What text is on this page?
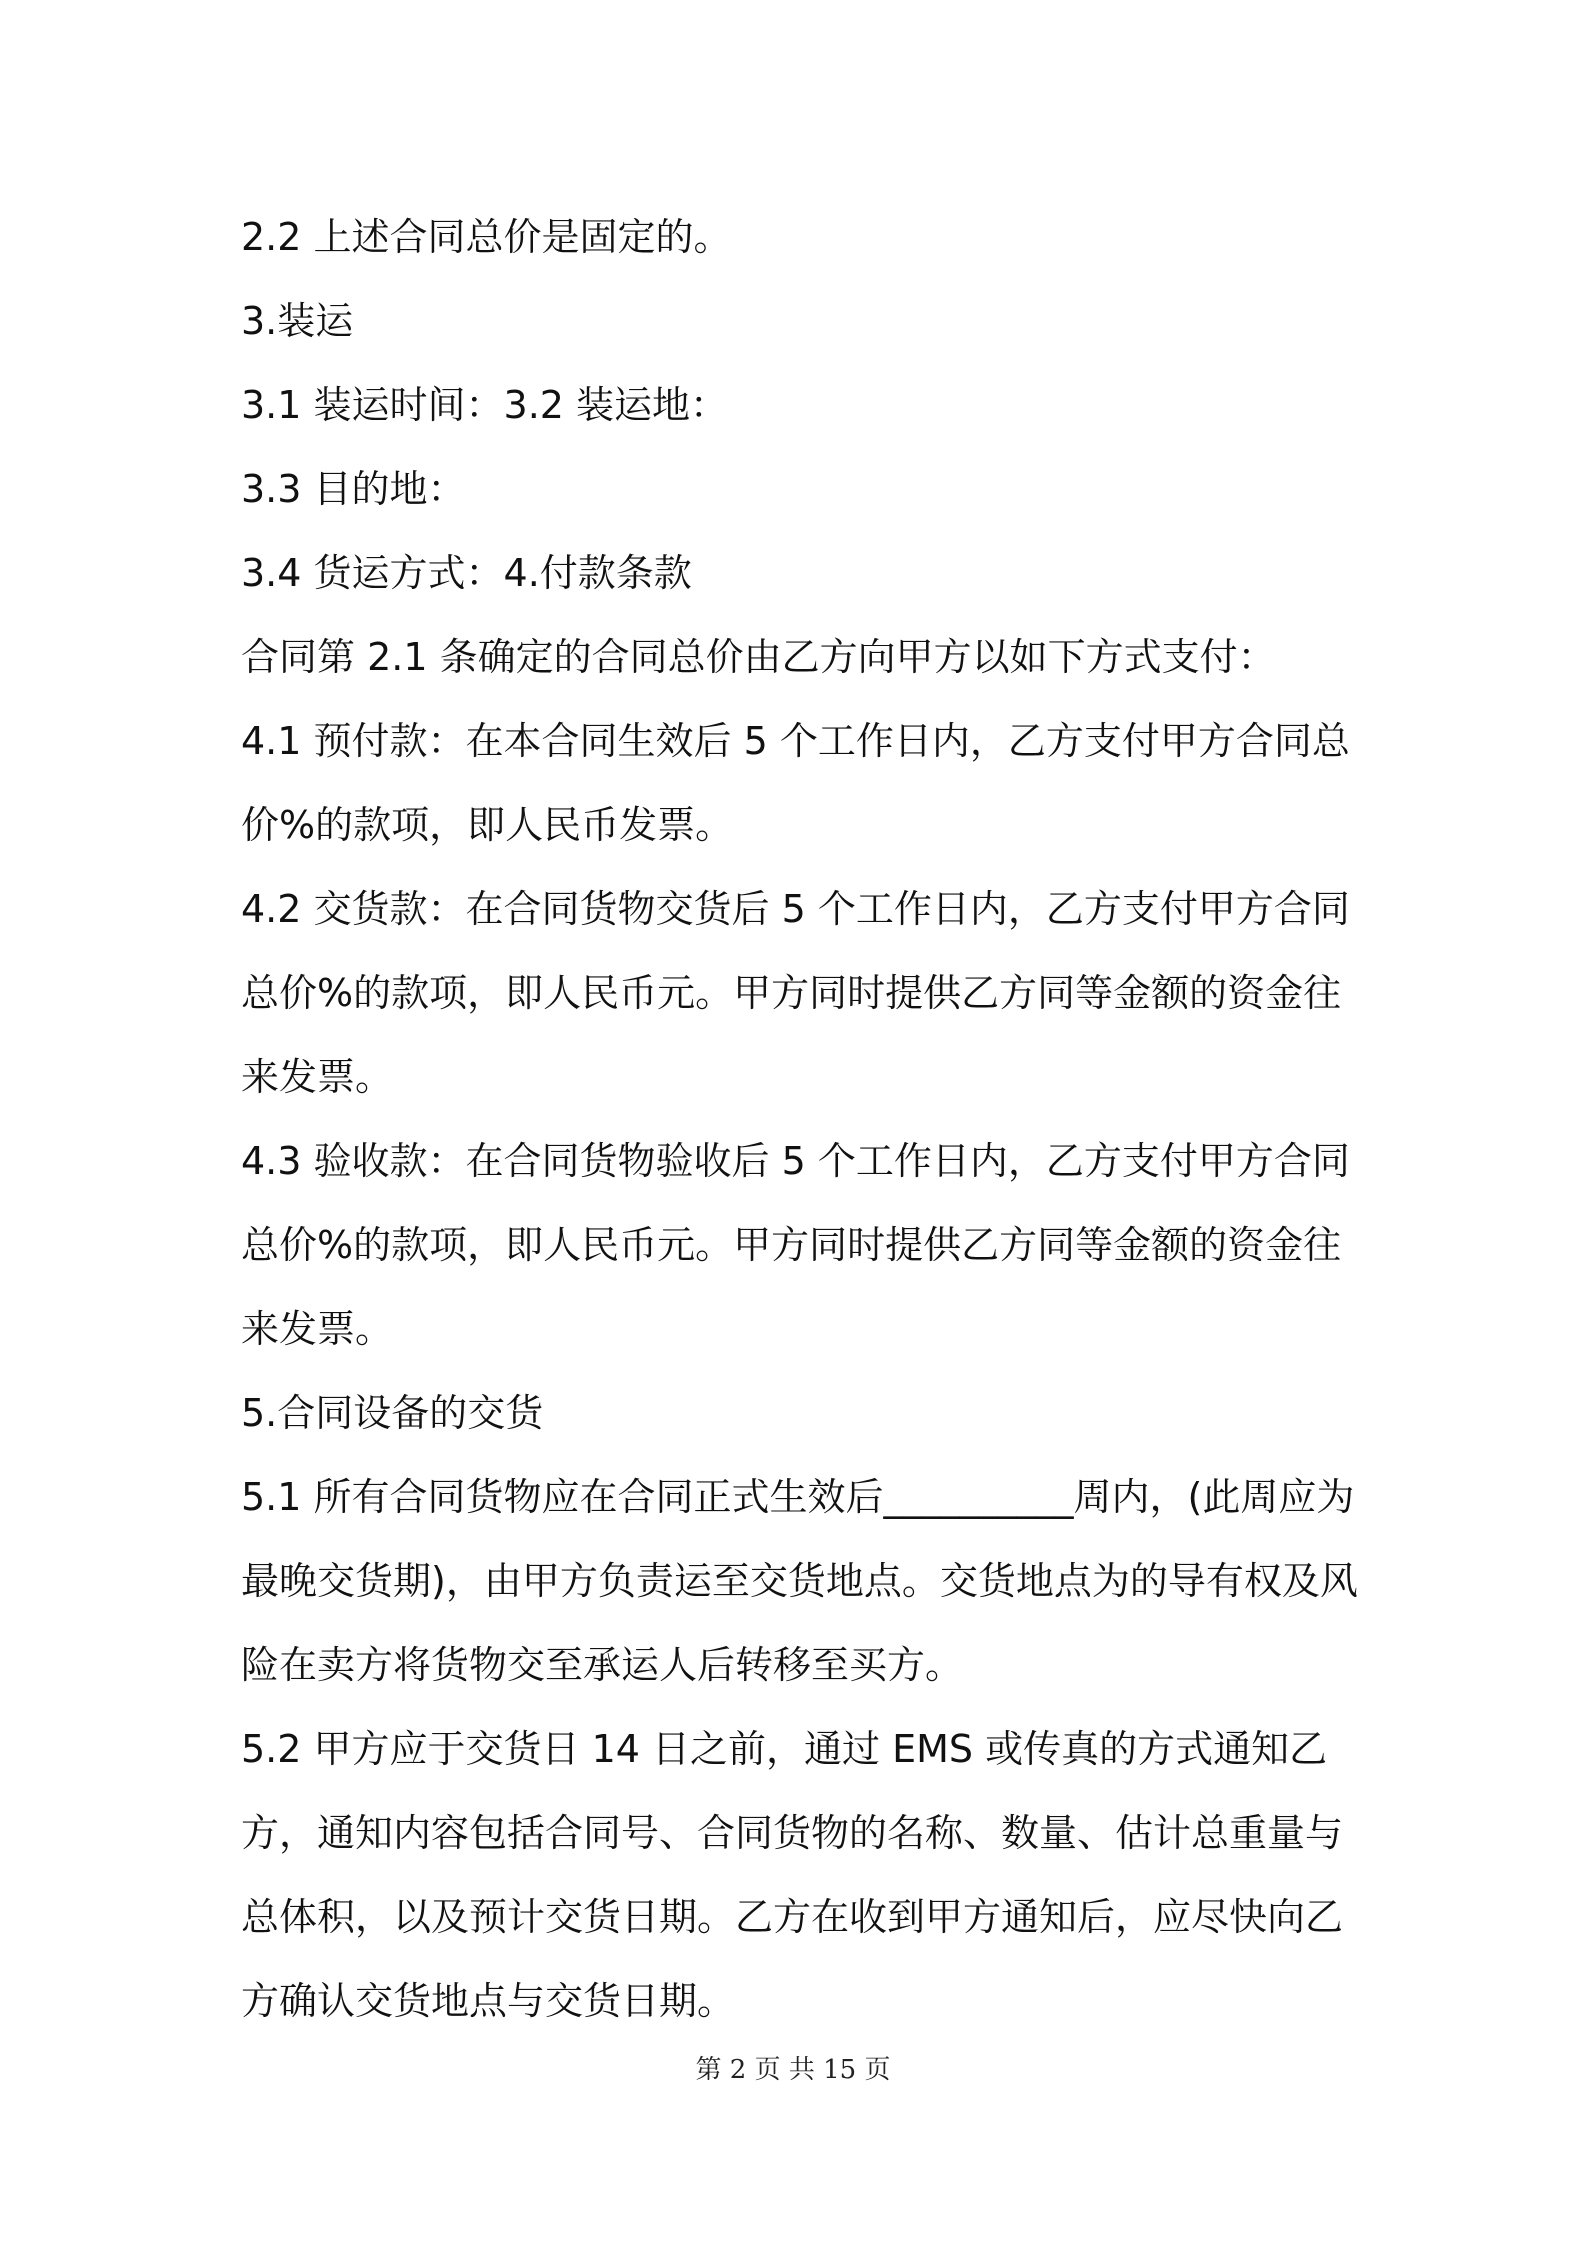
2.2 上述合同总价是固定的。

3.装运

3.1 装运时间：3.2 装运地：

3.3 目的地：

3.4 货运方式：4.付款条款

合同第 2.1 条确定的合同总价由乙方向甲方以如下方式支付：

4.1 预付款：在本合同生效后 5 个工作日内，乙方支付甲方合同总价%的款项，即人民币发票。

4.2 交货款：在合同货物交货后 5 个工作日内，乙方支付甲方合同总价%的款项，即人民币元。甲方同时提供乙方同等金额的资金往来发票。

4.3 验收款：在合同货物验收后 5 个工作日内，乙方支付甲方合同总价%的款项，即人民币元。甲方同时提供乙方同等金额的资金往来发票。

5.合同设备的交货

5.1 所有合同货物应在合同正式生效后__________周内，(此周应为最晚交货期)，由甲方负责运至交货地点。交货地点为的导有权及风险在卖方将货物交至承运人后转移至买方。

5.2 甲方应于交货日 14 日之前，通过 EMS 或传真的方式通知乙方，通知内容包括合同号、合同货物的名称、数量、估计总重量与总体积，以及预计交货日期。乙方在收到甲方通知后，应尽快向乙方确认交货地点与交货日期。

第 2 页 共 15 页
